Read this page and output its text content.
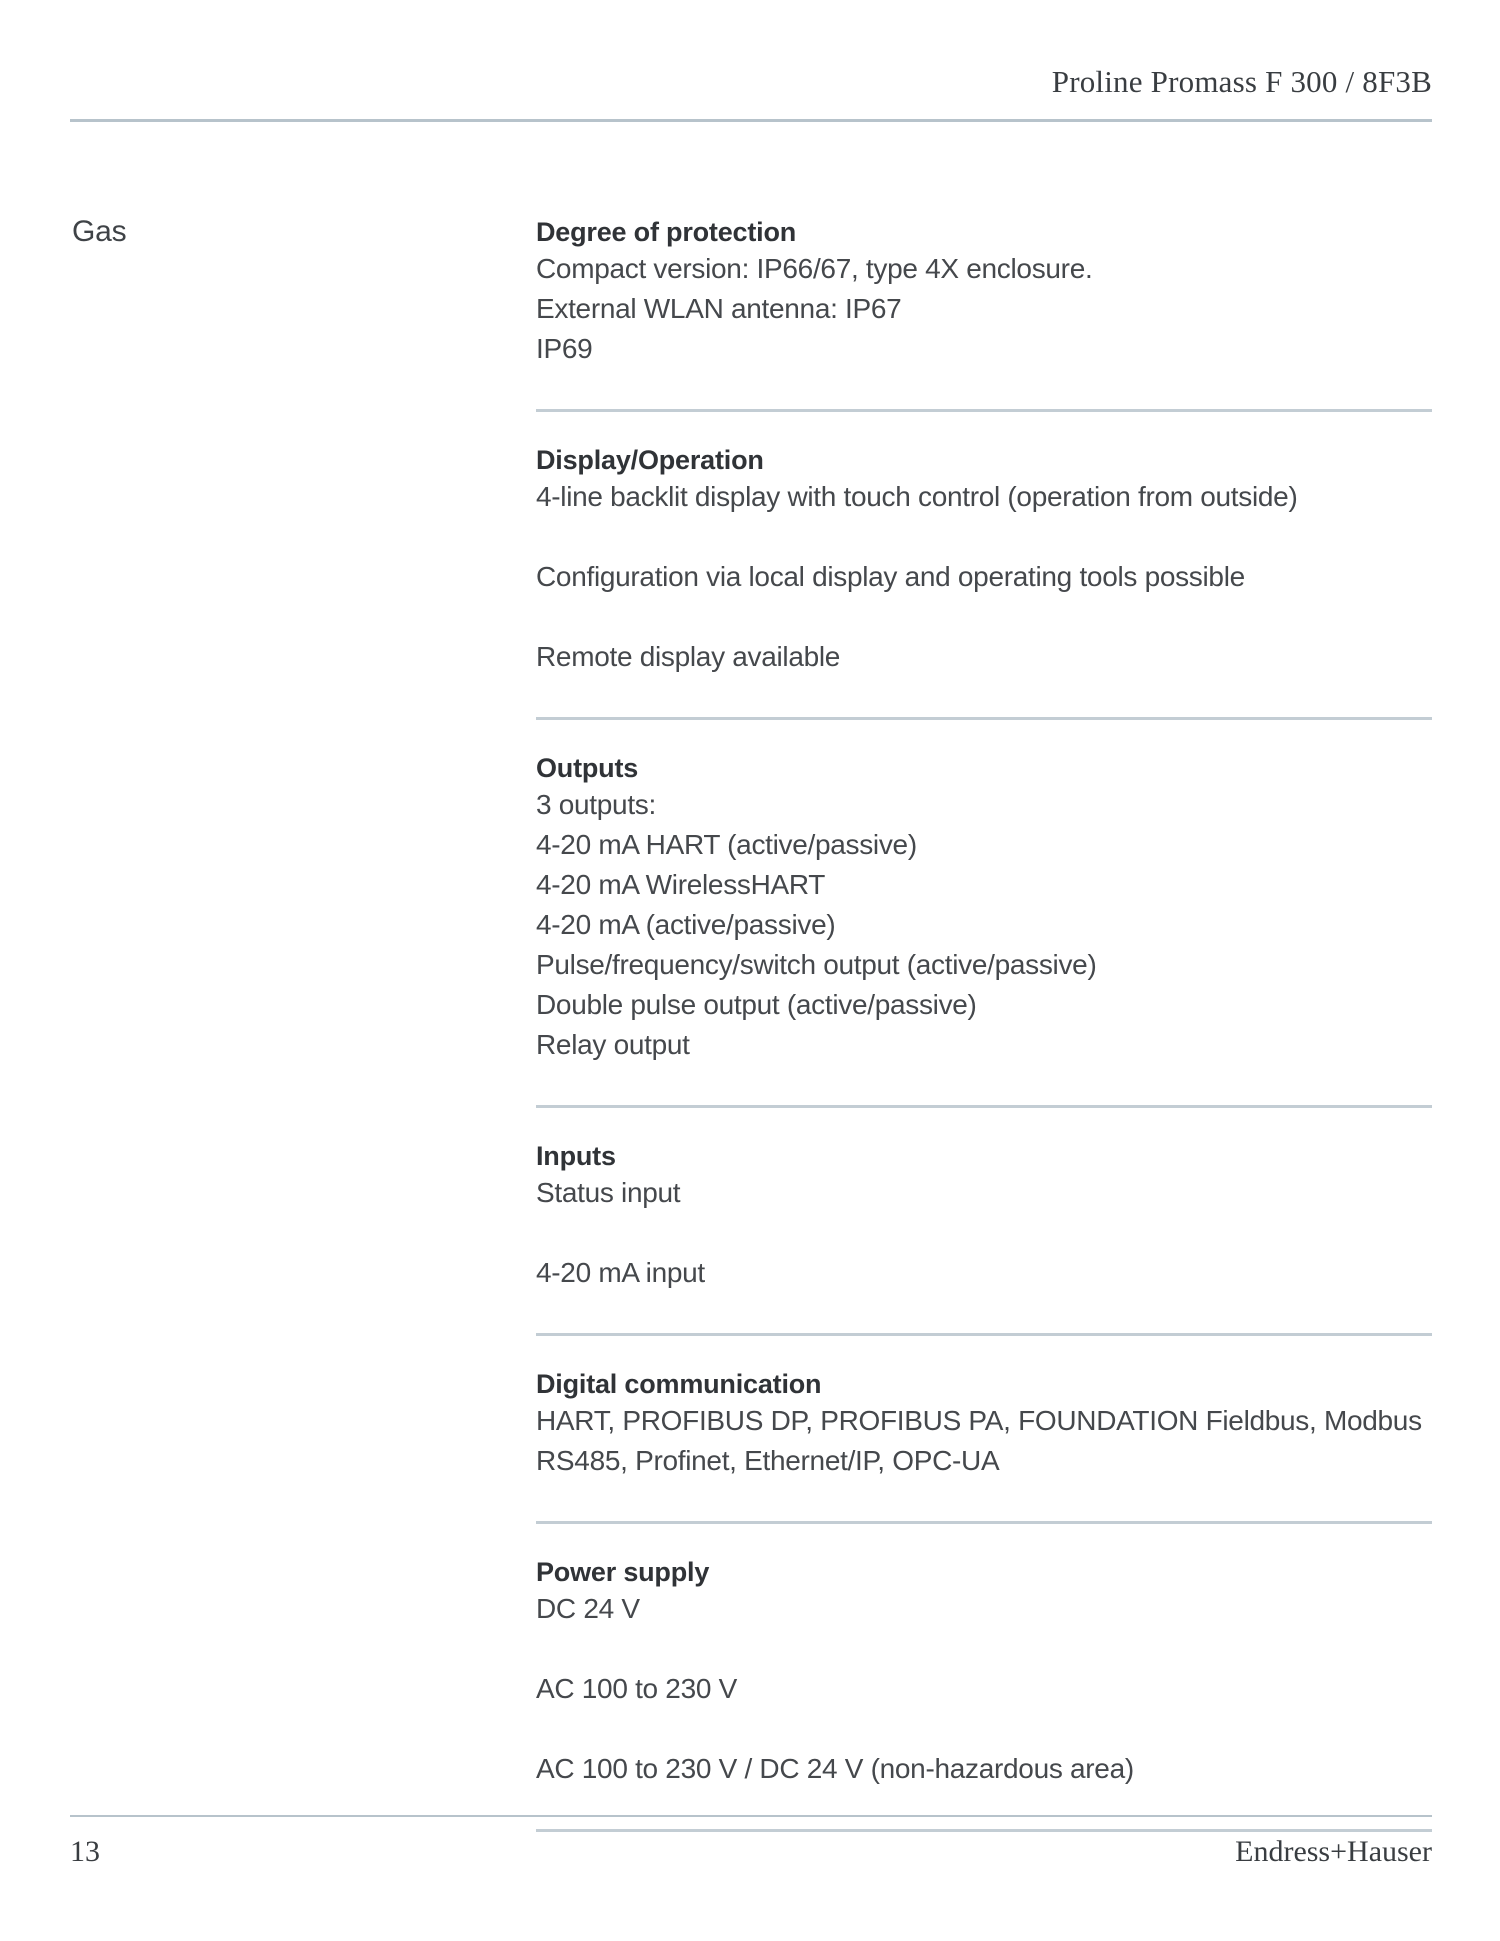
Proline Promass F 300 / 8F3B
Gas	Degree of protection
Compact version: IP66/67, type 4X enclosure.
External WLAN antenna: IP67
IP69
Display/Operation
4-line backlit display with touch control (operation from outside)
Configuration via local display and operating tools possible
Remote display available
Outputs
3 outputs:
4-20 mA HART (active/passive)
4-20 mA WirelessHART
4-20 mA (active/passive)
Pulse/frequency/switch output (active/passive)
Double pulse output (active/passive)
Relay output
Inputs
Status input
4-20 mA input
Digital communication
HART, PROFIBUS DP, PROFIBUS PA, FOUNDATION Fieldbus, Modbus RS485, Profinet, Ethernet/IP, OPC-UA
Power supply
DC 24 V
AC 100 to 230 V
AC 100 to 230 V / DC 24 V (non-hazardous area)
13	Endress+Hauser
